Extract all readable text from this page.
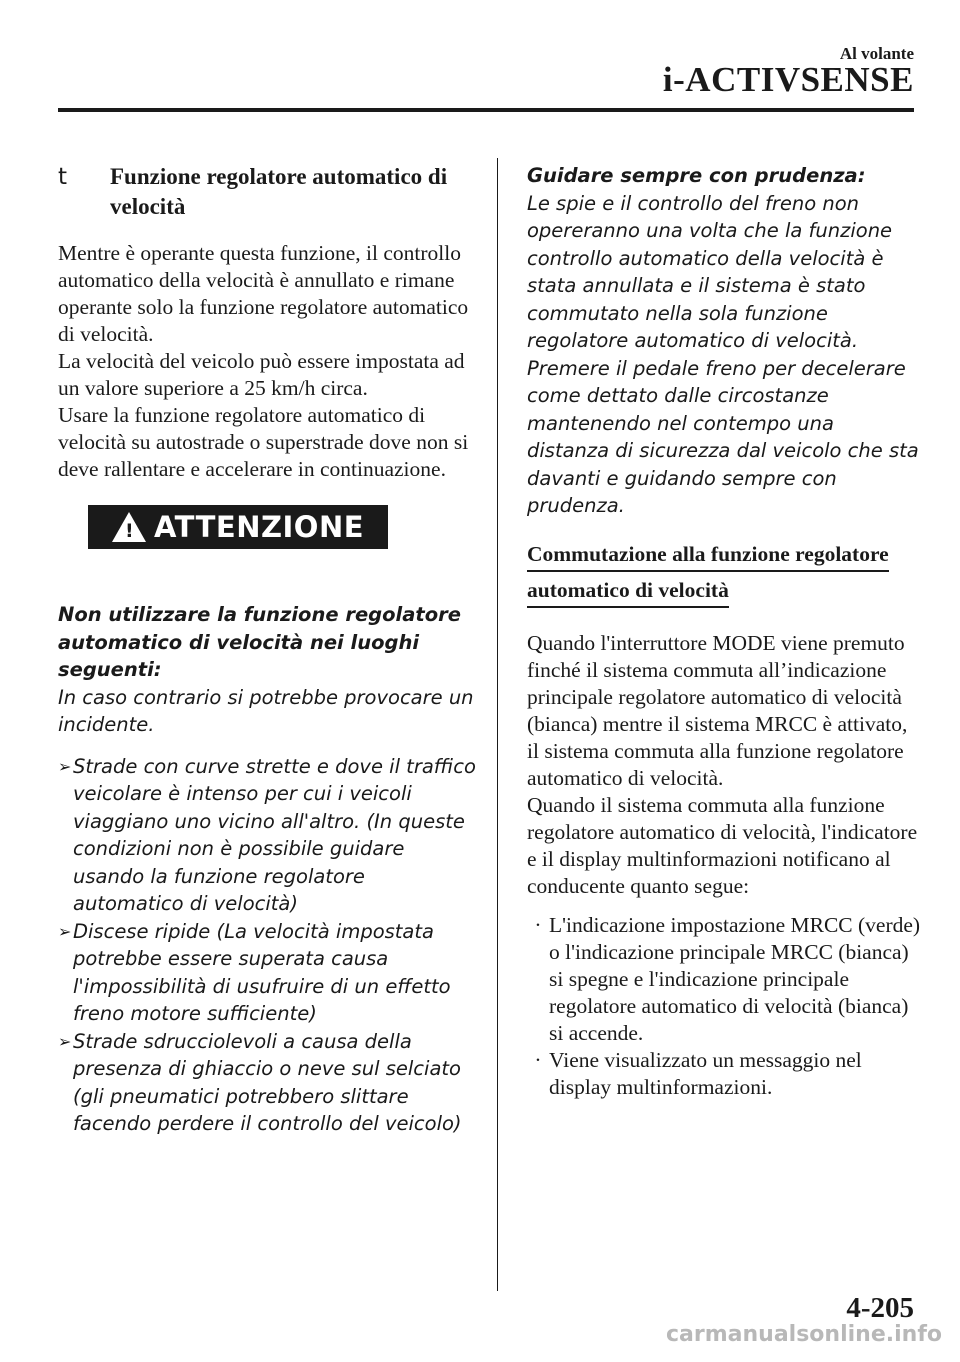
Al volante
i-ACTIVSENSE
t	Funzione regolatore automatico di velocità

Mentre è operante questa funzione, il controllo automatico della velocità è annullato e rimane operante solo la funzione regolatore automatico di velocità.

La velocità del veicolo può essere impostata ad un valore superiore a 25 km/h circa.

Usare la funzione regolatore automatico di velocità su autostrade o superstrade dove non si deve rallentare e accelerare in continuazione.

! ATTENZIONE
Non utilizzare la funzione regolatore automatico di velocità nei luoghi seguenti:
In caso contrario si potrebbe provocare un incidente.
➢ Strade con curve strette e dove il traffico veicolare è intenso per cui i veicoli viaggiano uno vicino all'altro. (In queste condizioni non è possibile guidare usando la funzione regolatore automatico di velocità)
➢ Discese ripide (La velocità impostata potrebbe essere superata causa l'impossibilità di usufruire di un effetto freno motore sufficiente)
➢ Strade sdrucciolevoli a causa della presenza di ghiaccio o neve sul selciato (gli pneumatici potrebbero slittare facendo perdere il controllo del veicolo)
Guidare sempre con prudenza:
Le spie e il controllo del freno non opereranno una volta che la funzione controllo automatico della velocità è stata annullata e il sistema è stato commutato nella sola funzione regolatore automatico di velocità. Premere il pedale freno per decelerare come dettato dalle circostanze mantenendo nel contempo una distanza di sicurezza dal veicolo che sta davanti e guidando sempre con prudenza.
Commutazione alla funzione regolatore
automatico di velocità

Quando l'interruttore MODE viene premuto finché il sistema commuta all’indicazione principale regolatore automatico di velocità (bianca) mentre il sistema MRCC è attivato, il sistema commuta alla funzione regolatore automatico di velocità.

Quando il sistema commuta alla funzione regolatore automatico di velocità, l'indicatore e il display multinformazioni notificano al conducente quanto segue:

· L'indicazione impostazione MRCC (verde) o l'indicazione principale MRCC (bianca) si spegne e l'indicazione principale regolatore automatico di velocità (bianca) si accende.
· Viene visualizzato un messaggio nel display multinformazioni.
4-205
carmanualsonline.info
